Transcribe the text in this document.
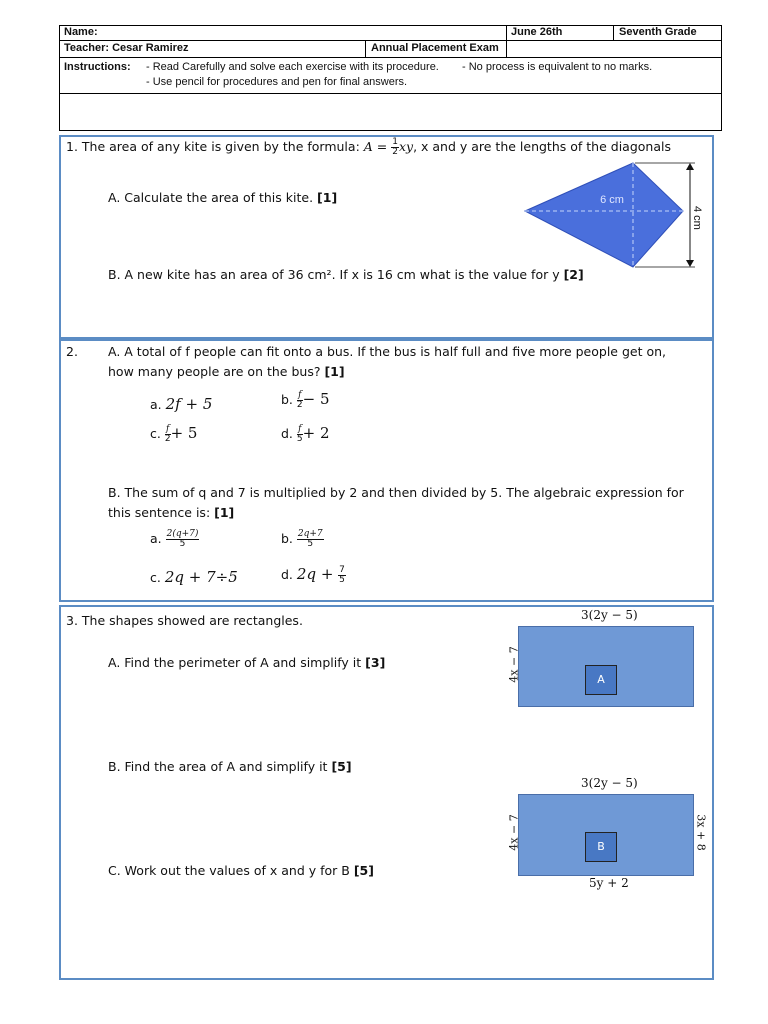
Name:	June 26th	Seventh Grade
Teacher: Cesar Ramirez	Annual Placement Exam
Instructions: - Read Carefully and solve each exercise with its procedure. - No process is equivalent to no marks.
- Use pencil for procedures and pen for final answers.
1. The area of any kite is given by the formula: $A = \frac{1}{2}$ xy, x and y are the lengths of the diagonals
A. Calculate the area of this kite. [1]
B. A new kite has an area of 36 cm². If x is 16 cm what is the value for y [2]
6 cm
4 cm
2. A. A total of f people can fit onto a bus. If the bus is half full and five more people get on,
how many people are on the bus? [1]
a. 2f + 5	b. $\frac{f}{2} - 5$
c. $\frac{f}{2} + 5$	d. $\frac{f}{5} + 2$
B. The sum of q and 7 is multiplied by 2 and then divided by 5. The algebraic expression for
this sentence is: [1]
a. $\frac{2(q+7)}{5}$	b. $\frac{2q+7}{5}$
c. 2q + 7÷5	d. $2q + \frac{7}{5}$
3. The shapes showed are rectangles.
A. Find the perimeter of A and simplify it [3]
B. Find the area of A and simplify it [5]
C. Work out the values of x and y for B [5]
3(2y − 5)
4x − 7	A
3(2y − 5)
4x − 7	3x + 8
B
5y + 2
